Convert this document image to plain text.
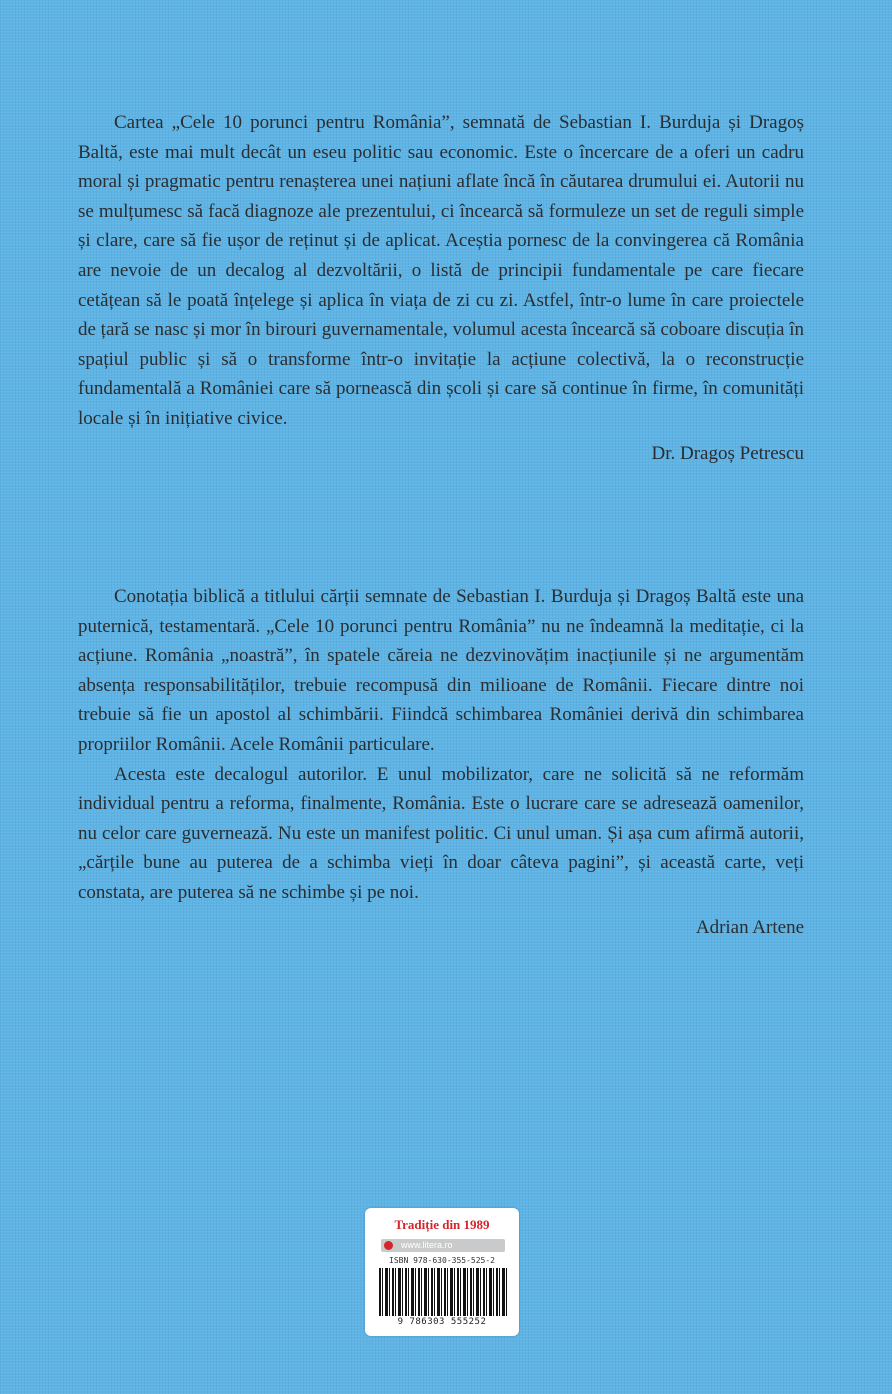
Cartea „Cele 10 porunci pentru România”, semnată de Sebastian I. Burduja și Dragoș Baltă, este mai mult decât un eseu politic sau economic. Este o încercare de a oferi un cadru moral și pragmatic pentru renașterea unei națiuni aflate încă în căutarea drumului ei. Autorii nu se mulțumesc să facă diagnoze ale prezentului, ci încearcă să formuleze un set de reguli simple și clare, care să fie ușor de reținut și de aplicat. Aceștia pornesc de la convingerea că România are nevoie de un decalog al dezvoltării, o listă de principii fundamentale pe care fiecare cetățean să le poată înțelege și aplica în viața de zi cu zi. Astfel, într-o lume în care proiectele de țară se nasc și mor în birouri guvernamentale, volumul acesta încearcă să coboare discuția în spațiul public și să o transforme într-o invitație la acțiune colectivă, la o reconstrucție fundamentală a României care să pornească din școli și care să continue în firme, în comunități locale și în inițiative civice.

Dr. Dragoș Petrescu

Conotația biblică a titlului cărții semnate de Sebastian I. Burduja și Dragoș Baltă este una puternică, testamentară. „Cele 10 porunci pentru România” nu ne îndeamnă la meditație, ci la acțiune. România „noastră”, în spatele căreia ne dezvinovățim inacțiunile și ne argumentăm absența responsabilităților, trebuie recompusă din milioane de Românii. Fiecare dintre noi trebuie să fie un apostol al schimbării. Fiindcă schimbarea României derivă din schimbarea propriilor Românii. Acele Românii particulare.

Acesta este decalogul autorilor. E unul mobilizator, care ne solicită să ne reformăm individual pentru a reforma, finalmente, România. Este o lucrare care se adresează oamenilor, nu celor care guvernează. Nu este un manifest politic. Ci unul uman. Și așa cum afirmă autorii, „cărțile bune au puterea de a schimba vieți în doar câteva pagini”, și această carte, veți constata, are puterea să ne schimbe și pe noi.

Adrian Artene
Tradiție din 1989
www.litera.ro
ISBN 978-630-355-525-2
9 786303 555252
